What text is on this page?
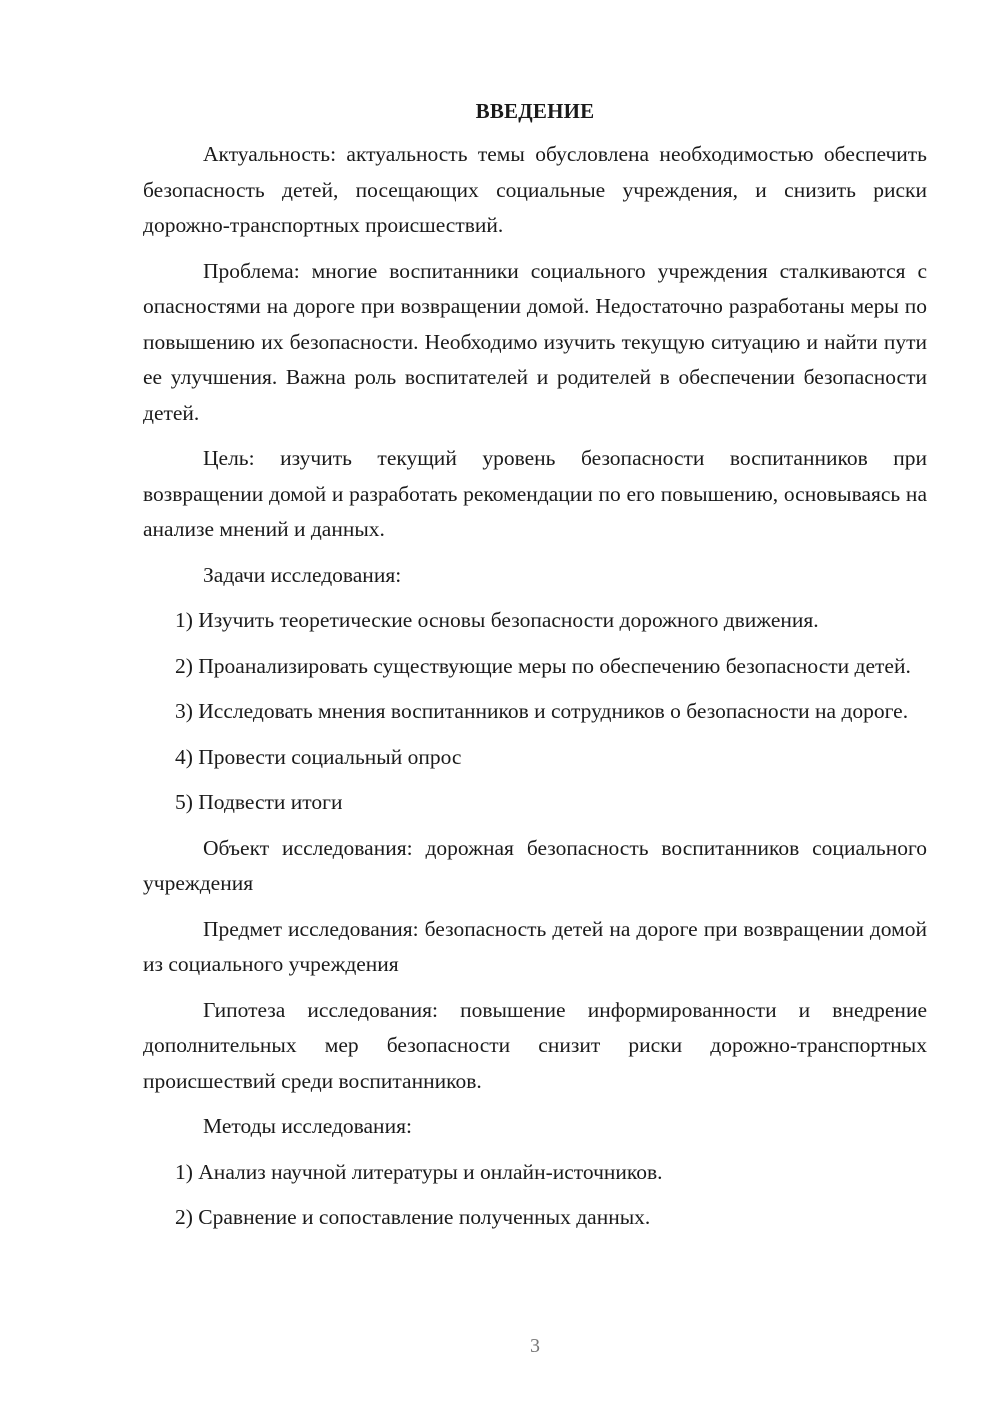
ВВЕДЕНИЕ

Актуальность: актуальность темы обусловлена необходимостью обеспечить безопасность детей, посещающих социальные учреждения, и снизить риски дорожно-транспортных происшествий.

Проблема: многие воспитанники социального учреждения сталкиваются с опасностями на дороге при возвращении домой. Недостаточно разработаны меры по повышению их безопасности. Необходимо изучить текущую ситуацию и найти пути ее улучшения. Важна роль воспитателей и родителей в обеспечении безопасности детей.

Цель: изучить текущий уровень безопасности воспитанников при возвращении домой и разработать рекомендации по его повышению, основываясь на анализе мнений и данных.

Задачи исследования:

1) Изучить теоретические основы безопасности дорожного движения.

2) Проанализировать существующие меры по обеспечению безопасности детей.

3) Исследовать мнения воспитанников и сотрудников о безопасности на дороге.

4) Провести социальный опрос

5) Подвести итоги

Объект исследования: дорожная безопасность воспитанников социального учреждения

Предмет исследования: безопасность детей на дороге при возвращении домой из социального учреждения

Гипотеза исследования: повышение информированности и внедрение дополнительных мер безопасности снизит риски дорожно-транспортных происшествий среди воспитанников.

Методы исследования:

1) Анализ научной литературы и онлайн-источников.

2) Сравнение и сопоставление полученных данных.

3
